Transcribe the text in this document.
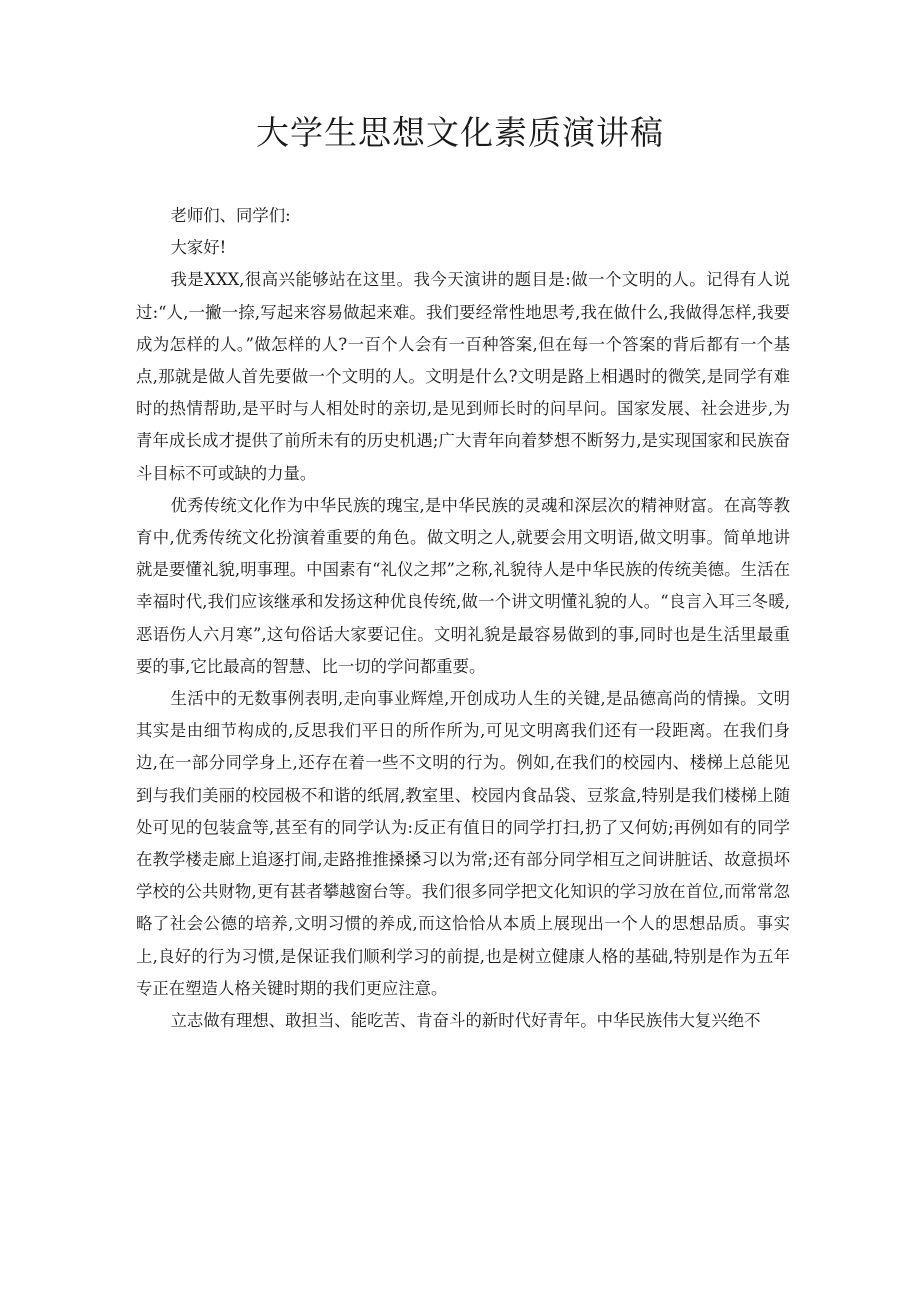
大学生思想文化素质演讲稿

老师们、同学们:

大家好!

我是XXX,很高兴能够站在这里。我今天演讲的题目是:做一个文明的人。记得有人说过:“人,一撇一捺,写起来容易做起来难。我们要经常性地思考,我在做什么,我做得怎样,我要成为怎样的人。”做怎样的人?一百个人会有一百种答案,但在每一个答案的背后都有一个基点,那就是做人首先要做一个文明的人。文明是什么?文明是路上相遇时的微笑,是同学有难时的热情帮助,是平时与人相处时的亲切,是见到师长时的问早问。国家发展、社会进步,为青年成长成才提供了前所未有的历史机遇;广大青年向着梦想不断努力,是实现国家和民族奋斗目标不可或缺的力量。

优秀传统文化作为中华民族的瑰宝,是中华民族的灵魂和深层次的精神财富。在高等教育中,优秀传统文化扮演着重要的角色。做文明之人,就要会用文明语,做文明事。简单地讲就是要懂礼貌,明事理。中国素有“礼仪之邦”之称,礼貌待人是中华民族的传统美德。生活在幸福时代,我们应该继承和发扬这种优良传统,做一个讲文明懂礼貌的人。“良言入耳三冬暖,恶语伤人六月寒”,这句俗话大家要记住。文明礼貌是最容易做到的事,同时也是生活里最重要的事,它比最高的智慧、比一切的学问都重要。

生活中的无数事例表明,走向事业辉煌,开创成功人生的关键,是品德高尚的情操。文明其实是由细节构成的,反思我们平日的所作所为,可见文明离我们还有一段距离。在我们身边,在一部分同学身上,还存在着一些不文明的行为。例如,在我们的校园内、楼梯上总能见到与我们美丽的校园极不和谐的纸屑,教室里、校园内食品袋、豆浆盒,特别是我们楼梯上随处可见的包装盒等,甚至有的同学认为:反正有值日的同学打扫,扔了又何妨;再例如有的同学在教学楼走廊上追逐打闹,走路推推搡搡习以为常;还有部分同学相互之间讲脏话、故意损坏学校的公共财物,更有甚者攀越窗台等。我们很多同学把文化知识的学习放在首位,而常常忽略了社会公德的培养,文明习惯的养成,而这恰恰从本质上展现出一个人的思想品质。事实上,良好的行为习惯,是保证我们顺利学习的前提,也是树立健康人格的基础,特别是作为五年专正在塑造人格关键时期的我们更应注意。

立志做有理想、敢担当、能吃苦、肯奋斗的新时代好青年。中华民族伟大复兴绝不
